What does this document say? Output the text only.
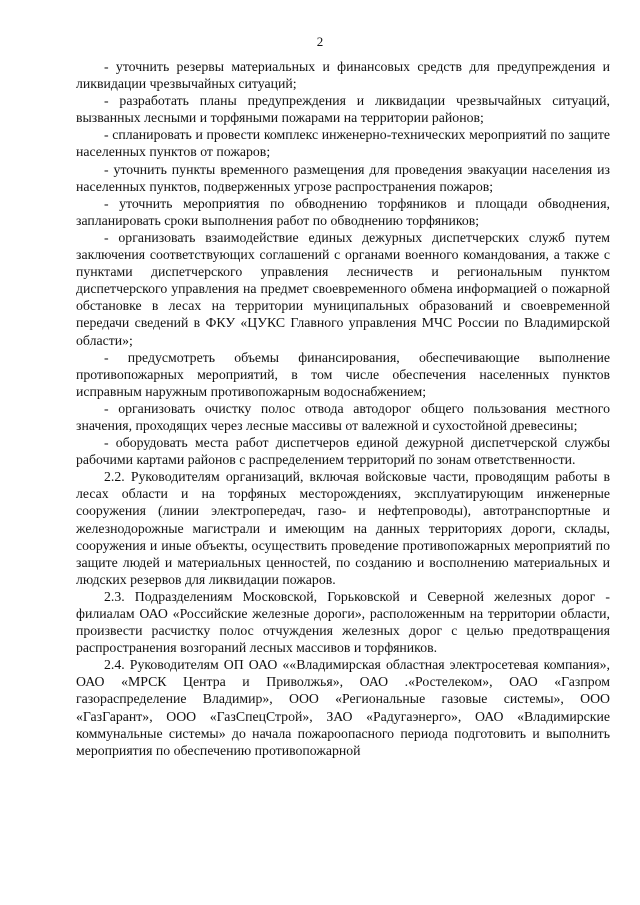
2

- уточнить резервы материальных и финансовых средств для предупреждения и ликвидации чрезвычайных ситуаций;

- разработать планы предупреждения и ликвидации чрезвычайных ситуаций, вызванных лесными и торфяными пожарами на территории районов;

- спланировать и провести комплекс инженерно-технических мероприятий по защите населенных пунктов от пожаров;

- уточнить пункты временного размещения для проведения эвакуации населения из населенных пунктов, подверженных угрозе распространения пожаров;

- уточнить мероприятия по обводнению торфяников и площади обводнения, запланировать сроки выполнения работ по обводнению торфяников;

- организовать взаимодействие единых дежурных диспетчерских служб путем заключения соответствующих соглашений с органами военного командования, а также с пунктами диспетчерского управления лесничеств и региональным пунктом диспетчерского управления на предмет своевременного обмена информацией о пожарной обстановке в лесах на территории муниципальных образований и своевременной передачи сведений в ФКУ «ЦУКС Главного управления МЧС России по Владимирской области»;

- предусмотреть объемы финансирования, обеспечивающие выполнение противопожарных мероприятий, в том числе обеспечения населенных пунктов исправным наружным противопожарным водоснабжением;

- организовать очистку полос отвода автодорог общего пользования местного значения, проходящих через лесные массивы от валежной и сухостойной древесины;

- оборудовать места работ диспетчеров единой дежурной диспетчерской службы рабочими картами районов с распределением территорий по зонам ответственности.

2.2. Руководителям организаций, включая войсковые части, проводящим работы в лесах области и на торфяных месторождениях, эксплуатирующим инженерные сооружения (линии электропередач, газо- и нефтепроводы), автотранспортные и железнодорожные магистрали и имеющим на данных территориях дороги, склады, сооружения и иные объекты, осуществить проведение противопожарных мероприятий по защите людей и материальных ценностей, по созданию и восполнению материальных и людских резервов для ликвидации пожаров.

2.3. Подразделениям Московской, Горьковской и Северной железных дорог - филиалам ОАО «Российские железные дороги», расположенным на территории области, произвести расчистку полос отчуждения железных дорог с целью предотвращения распространения возгораний лесных массивов и торфяников.

2.4. Руководителям ОП ОАО ««Владимирская областная электросетевая компания», ОАО «МРСК Центра и Приволжья», ОАО .«Ростелеком», ОАО «Газпром газораспределение Владимир», ООО «Региональные газовые системы», ООО «ГазГарант», ООО «ГазСпецСтрой», ЗАО «Радугаэнерго», ОАО «Владимирские коммунальные системы» до начала пожароопасного периода подготовить и выполнить мероприятия по обеспечению противопожарной
